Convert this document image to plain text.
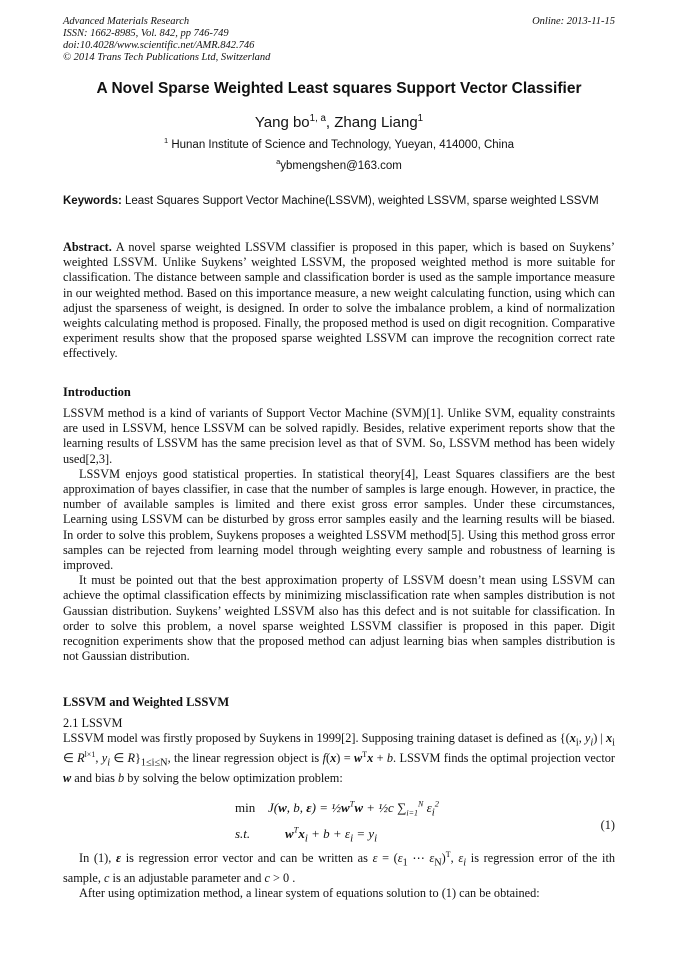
Advanced Materials Research
ISSN: 1662-8985, Vol. 842, pp 746-749
doi:10.4028/www.scientific.net/AMR.842.746
© 2014 Trans Tech Publications Ltd, Switzerland
Online: 2013-11-15
A Novel Sparse Weighted Least squares Support Vector Classifier
Yang bo$^{1, a}$, Zhang Liang$^1$
$^1$ Hunan Institute of Science and Technology, Yueyan, 414000, China
$^a$ybmengshen@163.com
Keywords: Least Squares Support Vector Machine(LSSVM), weighted LSSVM, sparse weighted LSSVM

Abstract. A novel sparse weighted LSSVM classifier is proposed in this paper, which is based on Suykens’ weighted LSSVM. Unlike Suykens’ weighted LSSVM, the proposed weighted method is more suitable for classification. The distance between sample and classification border is used as the sample importance measure in our weighted method. Based on this importance measure, a new weight calculating function, using which can adjust the sparseness of weight, is designed. In order to solve the imbalance problem, a kind of normalization weights calculating method is proposed. Finally, the proposed method is used on digit recognition. Comparative experiment results show that the proposed sparse weighted LSSVM can improve the recognition correct rate effectively.

Introduction

LSSVM method is a kind of variants of Support Vector Machine (SVM)[1]. Unlike SVM, equality constraints are used in LSSVM, hence LSSVM can be solved rapidly. Besides, relative experiment reports show that the learning results of LSSVM has the same precision level as that of SVM. So, LSSVM method has been widely used[2,3].

LSSVM enjoys good statistical properties. In statistical theory[4], Least Squares classifiers are the best approximation of bayes classifier, in case that the number of samples is large enough. However, in practice, the number of available samples is limited and there exist gross error samples. Under these circumstances, Learning using LSSVM can be disturbed by gross error samples easily and the learning results will be biased. In order to solve this problem, Suykens proposes a weighted LSSVM method[5]. Using this method gross error samples can be rejected from learning model through weighting every sample and robustness of learning is improved.

It must be pointed out that the best approximation property of LSSVM doesn’t mean using LSSVM can achieve the optimal classification effects by minimizing misclassification rate when samples distribution is not Gaussian distribution. Suykens’ weighted LSSVM also has this defect and is not suitable for classification. In order to solve this problem, a novel sparse weighted LSSVM classifier is proposed in this paper. Digit recognition experiments show that the proposed method can adjust learning bias when samples distribution is not Gaussian distribution.

LSSVM and Weighted LSSVM

2.1 LSSVM

LSSVM model was firstly proposed by Suykens in 1999[2]. Supposing training dataset is defined as {($x_i$, $y_i$) | $x_i$ ∈ $R^{l\times 1}$, $y_i$ ∈ $R\}_{1\le i\le N}$, the linear regression object is $f(x) = w^Tx + b$. LSSVM finds the optimal projection vector w and bias b by solving the below optimization problem:

min J(w, b, $\varepsilon) = \frac{1}{2}w^Tw$ + ½c $\sum_{i=1}^N$ $\varepsilon_i^2$
s.t.	$w^Tx_i + b + \varepsilon_i = y_i$
(1)

In (1), ε is regression error vector and can be written as $\varepsilon = (\varepsilon_1$ ⋯ $\varepsilon_N)^T$, $\varepsilon_i$ is regression error of the ith sample, c is an adjustable parameter and c > 0 .

After using optimization method, a linear system of equations solution to (1) can be obtained:
